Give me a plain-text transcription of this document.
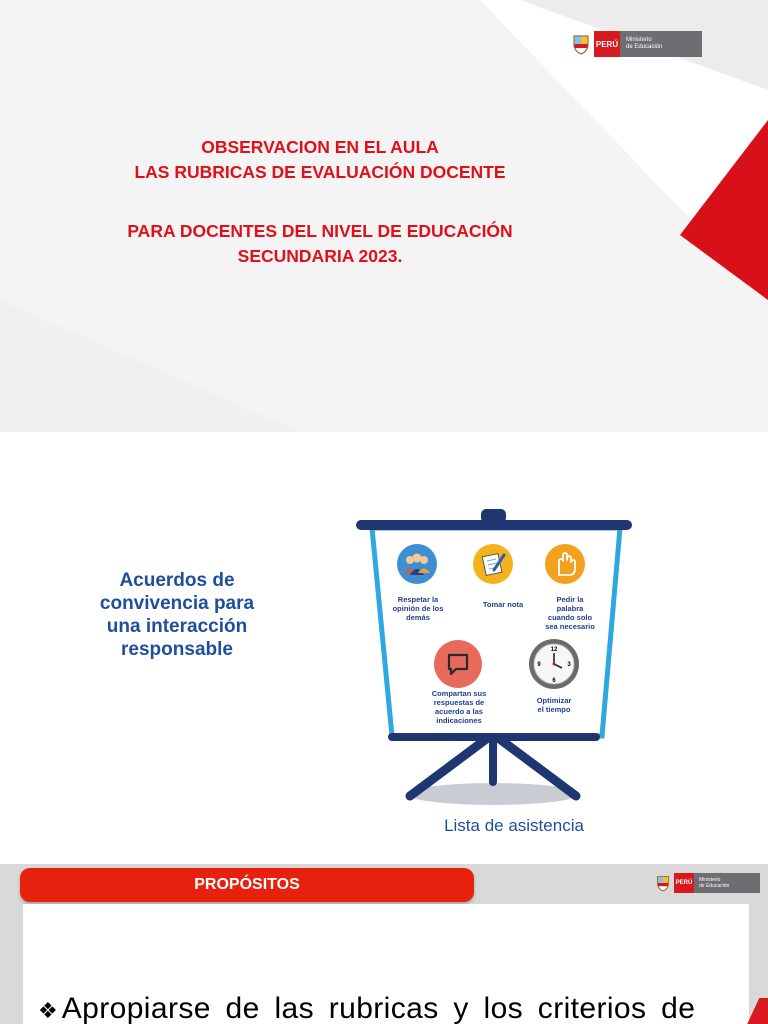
PERÚ	Ministerio
de Educación
OBSERVACION EN EL AULA
LAS RUBRICAS DE EVALUACIÓN DOCENTE
PARA DOCENTES DEL NIVEL DE EDUCACIÓN
SECUNDARIA 2023.
Acuerdos de
convivencia para
una interacción
responsable	12
3
6
9
Respetar la
opinión de los
demás
Tomar nota
Pedir la
palabra
cuando solo
sea necesario
Compartan sus
respuestas de
acuerdo a las
indicaciones
Optimizar
el tiempo
Lista de asistencia
PROPÓSITOS	PERÚ	Ministerio
de Educación
❖ Apropiarse de las rubricas y los criterios de
